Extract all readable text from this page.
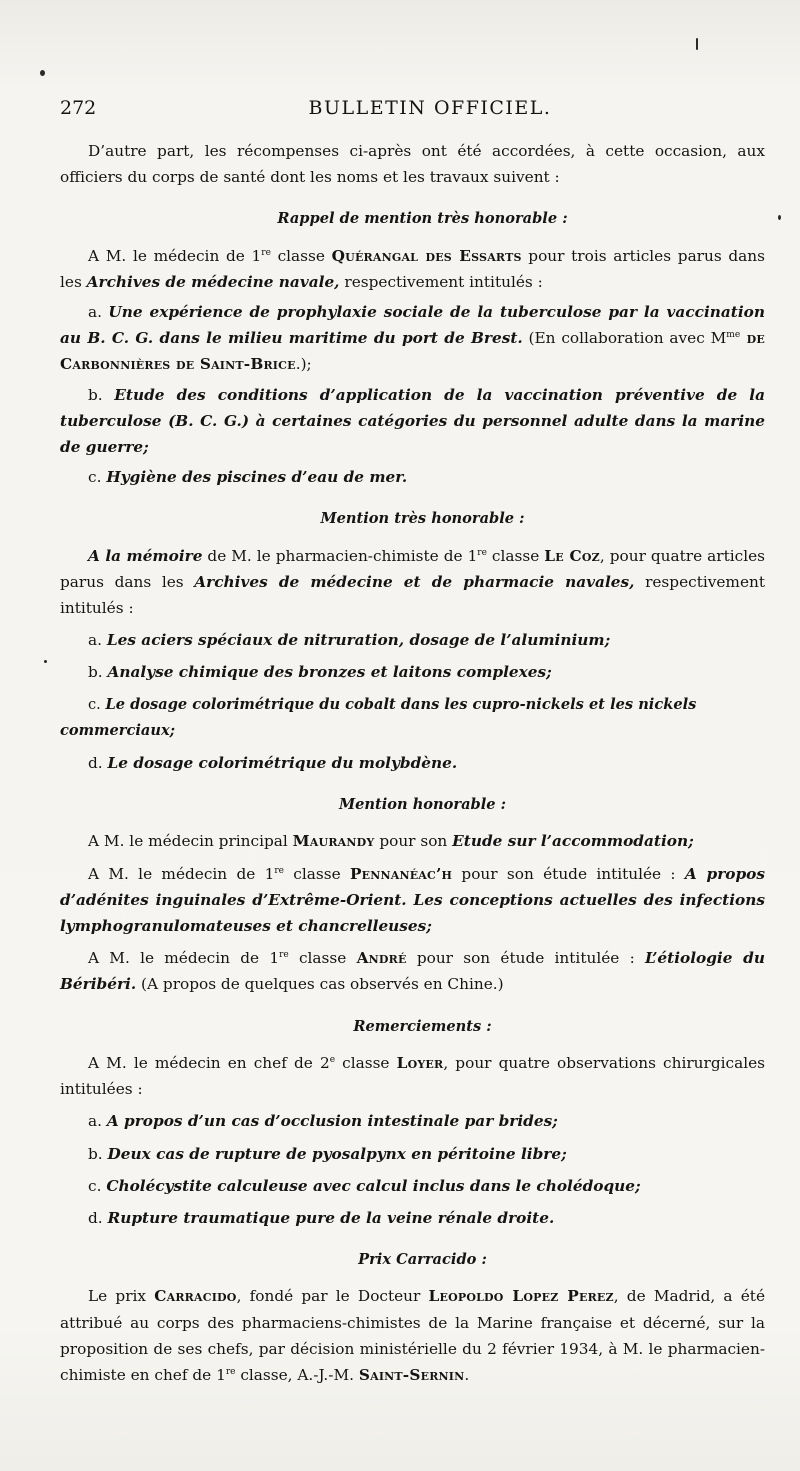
272	BULLETIN OFFICIEL.

D’autre part, les récompenses ci-après ont été accordées, à cette occasion, aux officiers du corps de santé dont les noms et les travaux suivent :

Rappel de mention très honorable :

A M. le médecin de 1re classe Quérangal des Essarts pour trois articles parus dans les Archives de médecine navale, respectivement intitulés :

a. Une expérience de prophylaxie sociale de la tuberculose par la vaccination au B. C. G. dans le milieu maritime du port de Brest. (En collaboration avec $M^{me}$ de Carbonnières de Saint-Brice.);

b. Etude des conditions d’application de la vaccination préventive de la tuberculose (B. C. G.) à certaines catégories du personnel adulte dans la marine de guerre;

c. Hygiène des piscines d’eau de mer.

Mention très honorable :

A la mémoire de M. le pharmacien-chimiste de 1re classe Le Coz, pour quatre articles parus dans les Archives de médecine et de pharmacie navales, respectivement intitulés :

a. Les aciers spéciaux de nitruration, dosage de l’aluminium;

b. Analyse chimique des bronzes et laitons complexes;

c. Le dosage colorimétrique du cobalt dans les cupro-nickels et les nickels commerciaux;

d. Le dosage colorimétrique du molybdène.

Mention honorable :

A M. le médecin principal Maurandy pour son Etude sur l’accommodation;

A M. le médecin de 1re classe Pennanéac’h pour son étude intitulée : A propos d’adénites inguinales d’Extrême-Orient. Les conceptions actuelles des infections lymphogranulomateuses et chancrelleuses;

A M. le médecin de 1re classe André pour son étude intitulée : L’étiologie du Béribéri. (A propos de quelques cas observés en Chine.)

Remerciements :

A M. le médecin en chef de 2e classe Loyer, pour quatre observations chirurgicales intitulées :

a. A propos d’un cas d’occlusion intestinale par brides;

b. Deux cas de rupture de pyosalpynx en péritoine libre;

c. Cholécystite calculeuse avec calcul inclus dans le cholédoque;

d. Rupture traumatique pure de la veine rénale droite.

Prix Carracido :

Le prix Carracido, fondé par le Docteur Leopoldo Lopez Perez, de Madrid, a été attribué au corps des pharmaciens-chimistes de la Marine française et décerné, sur la proposition de ses chefs, par décision ministérielle du 2 février 1934, à M. le pharmacien-chimiste en chef de 1re classe, A.-J.-M. Saint-Sernin.
